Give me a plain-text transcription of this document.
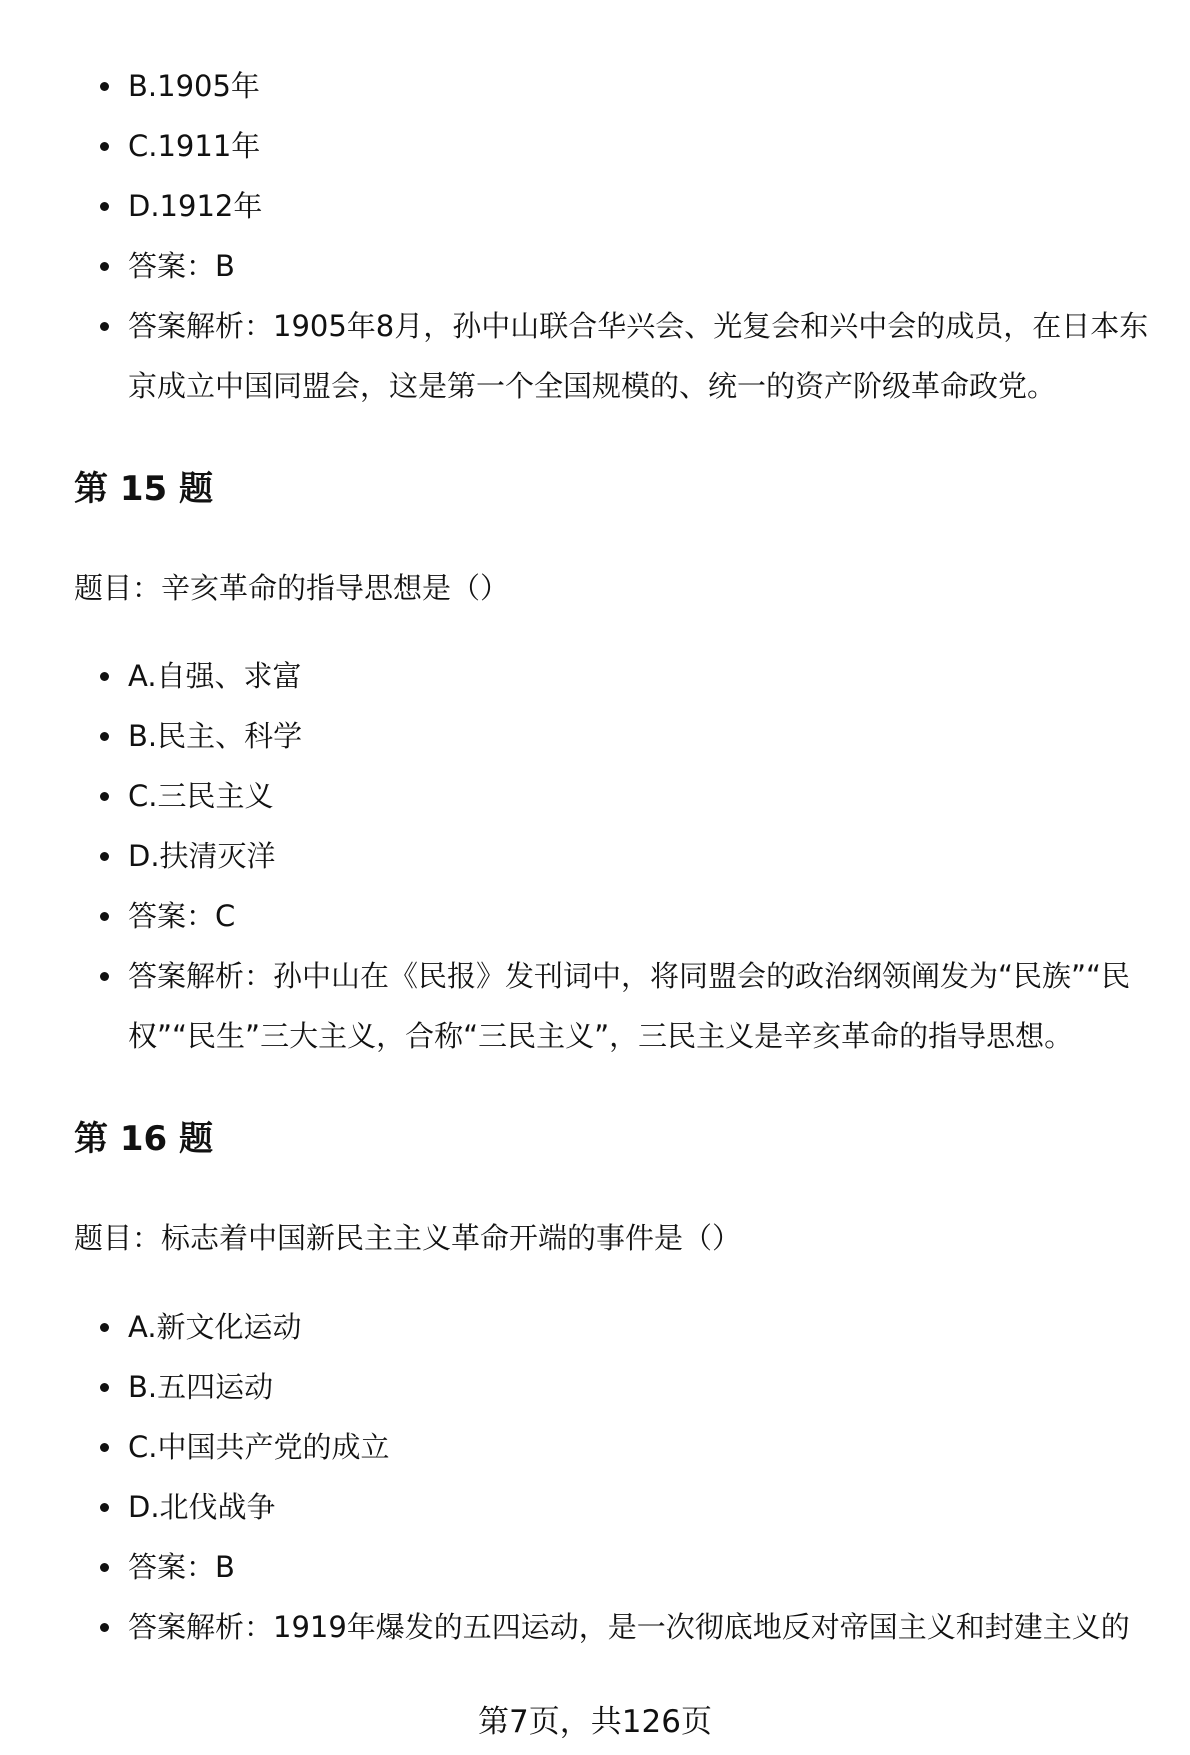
B.1905年
C.1911年
D.1912年
答案：B
答案解析：1905年8月，孙中山联合华兴会、光复会和兴中会的成员，在日本东京成立中国同盟会，这是第一个全国规模的、统一的资产阶级革命政党。
第 15 题
题目：辛亥革命的指导思想是（）
A.自强、求富
B.民主、科学
C.三民主义
D.扶清灭洋
答案：C
答案解析：孙中山在《民报》发刊词中，将同盟会的政治纲领阐发为“民族”“民权”“民生”三大主义，合称“三民主义”，三民主义是辛亥革命的指导思想。
第 16 题
题目：标志着中国新民主主义革命开端的事件是（）
A.新文化运动
B.五四运动
C.中国共产党的成立
D.北伐战争
答案：B
答案解析：1919年爆发的五四运动，是一次彻底地反对帝国主义和封建主义的
第7页，共126页
